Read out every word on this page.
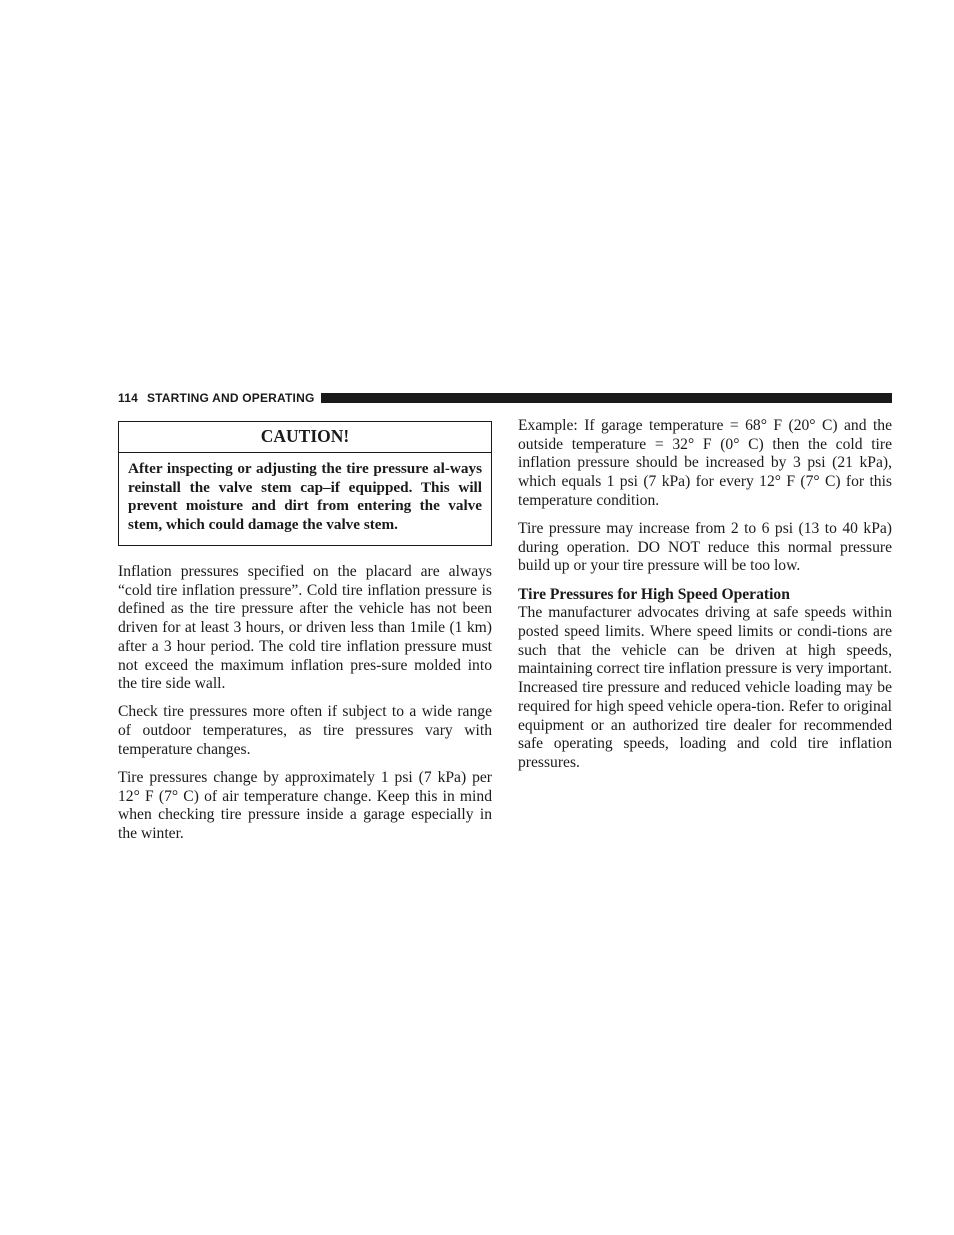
114 STARTING AND OPERATING
CAUTION!
After inspecting or adjusting the tire pressure al-ways reinstall the valve stem cap–if equipped. This will prevent moisture and dirt from entering the valve stem, which could damage the valve stem.

Inflation pressures specified on the placard are always “cold tire inflation pressure”. Cold tire inflation pressure is defined as the tire pressure after the vehicle has not been driven for at least 3 hours, or driven less than 1mile (1 km) after a 3 hour period. The cold tire inflation pressure must not exceed the maximum inflation pres-sure molded into the tire side wall.

Check tire pressures more often if subject to a wide range of outdoor temperatures, as tire pressures vary with temperature changes.

Tire pressures change by approximately 1 psi (7 kPa) per 12° F (7° C) of air temperature change. Keep this in mind when checking tire pressure inside a garage especially in the winter.

Example: If garage temperature = 68° F (20° C) and the outside temperature = 32° F (0° C) then the cold tire inflation pressure should be increased by 3 psi (21 kPa), which equals 1 psi (7 kPa) for every 12° F (7° C) for this temperature condition.

Tire pressure may increase from 2 to 6 psi (13 to 40 kPa) during operation. DO NOT reduce this normal pressure build up or your tire pressure will be too low.

Tire Pressures for High Speed Operation

The manufacturer advocates driving at safe speeds within posted speed limits. Where speed limits or condi-tions are such that the vehicle can be driven at high speeds, maintaining correct tire inflation pressure is very important. Increased tire pressure and reduced vehicle loading may be required for high speed vehicle opera-tion. Refer to original equipment or an authorized tire dealer for recommended safe operating speeds, loading and cold tire inflation pressures.
